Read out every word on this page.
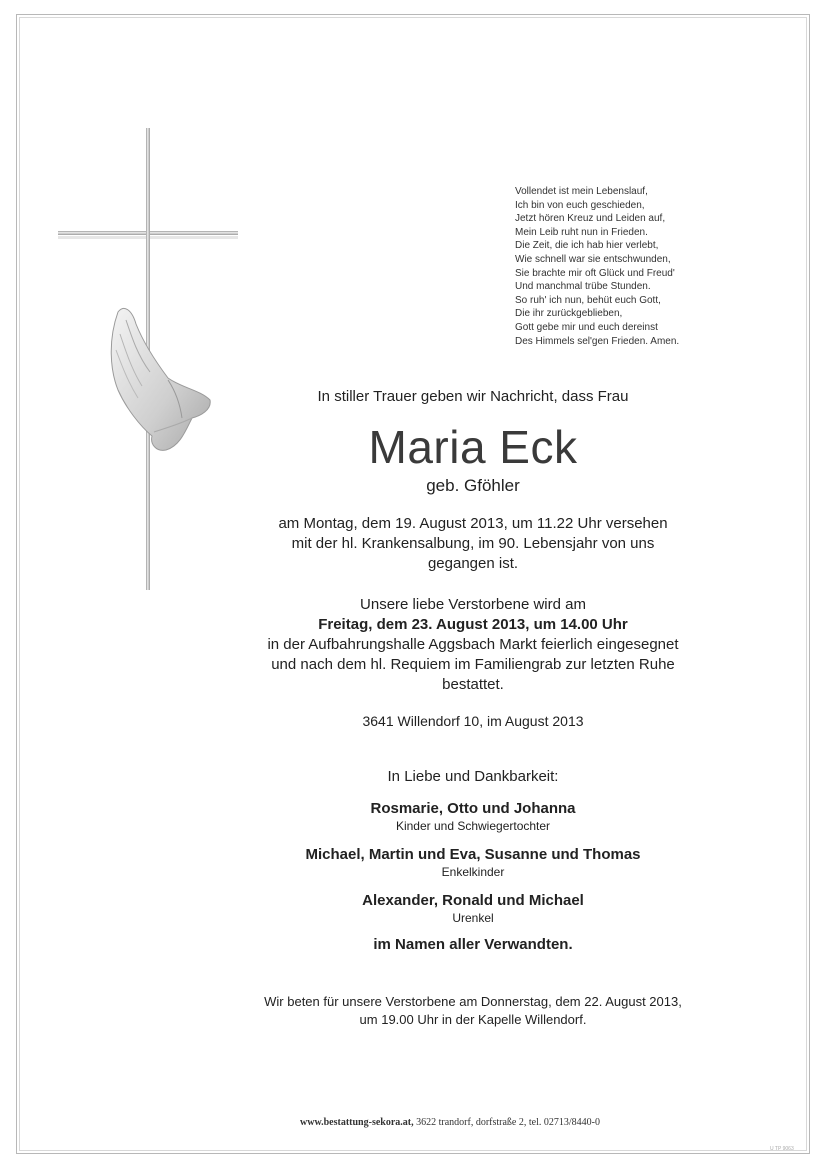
Vollendet ist mein Lebenslauf,
Ich bin von euch geschieden,
Jetzt hören Kreuz und Leiden auf,
Mein Leib ruht nun in Frieden.
Die Zeit, die ich hab hier verlebt,
Wie schnell war sie entschwunden,
Sie brachte mir oft Glück und Freud'
Und manchmal trübe Stunden.
So ruh' ich nun, behüt euch Gott,
Die ihr zurückgeblieben,
Gott gebe mir und euch dereinst
Des Himmels sel'gen Frieden. Amen.
In stiller Trauer geben wir Nachricht, dass Frau
Maria Eck
geb. Gföhler
am Montag, dem 19. August 2013, um 11.22 Uhr versehen
mit der hl. Krankensalbung, im 90. Lebensjahr von uns
gegangen ist.
Unsere liebe Verstorbene wird am
Freitag, dem 23. August 2013, um 14.00 Uhr
in der Aufbahrungshalle Aggsbach Markt feierlich eingesegnet
und nach dem hl. Requiem im Familiengrab zur letzten Ruhe
bestattet.
3641 Willendorf 10, im August 2013
In Liebe und Dankbarkeit:
Rosmarie, Otto und Johanna
Kinder und Schwiegertochter
Michael, Martin und Eva, Susanne und Thomas
Enkelkinder
Alexander, Ronald und Michael
Urenkel
im Namen aller Verwandten.
Wir beten für unsere Verstorbene am Donnerstag, dem 22. August 2013,
um 19.00 Uhr in der Kapelle Willendorf.
www.bestattung-sekora.at, 3622 trandorf, dorfstraße 2, tel. 02713/8440-0
U TP 9063
